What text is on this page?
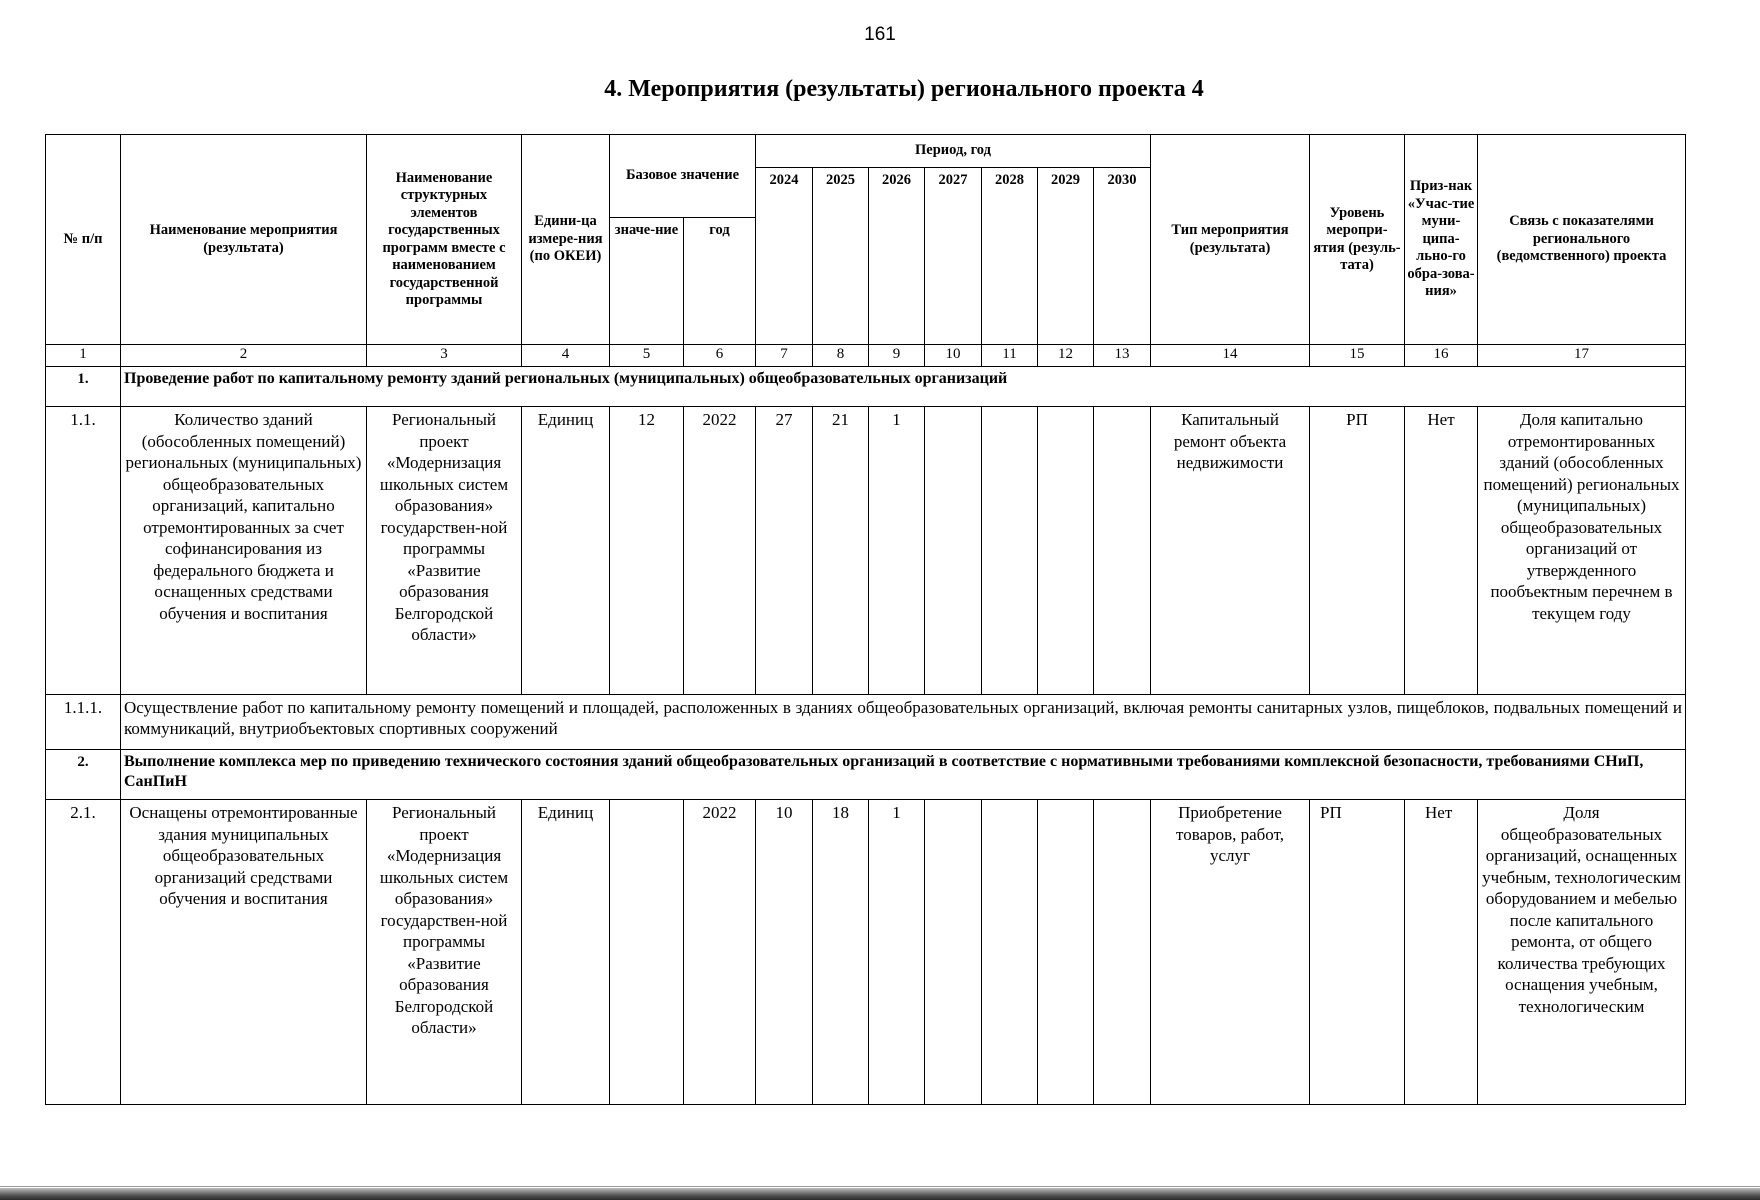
161
4. Мероприятия (результаты) регионального проекта 4
№ п/п	Наименование мероприятия (результата)	Наименование структурных элементов государственных программ вместе с наименованием государственной программы	Едини-ца измере-ния (по ОКЕИ)	Базовое значение		Период, год							Тип мероприятия (результата)	Уровень меропри-ятия (резуль-тата)	Приз-нак «Учас-тие муни-ципа-льно-го обра-зова-ния»	Связь с показателями регионального (ведомственного) проекта
						2024	2025	2026	2027	2028	2029	2030				
				значе-ние	год											
1	2	3	4	5	6	7	8	9	10	11	12	13	14	15	16	17
1.	Проведение работ по капитальному ремонту зданий региональных (муниципальных) общеобразовательных организаций															
1.1.	Количество зданий (обособленных помещений) региональных (муниципальных) общеобразовательных организаций, капитально отремонтированных за счет софинансирования из федерального бюджета и оснащенных средствами обучения и воспитания	Региональный проект «Модернизация школьных систем образования» государствен-ной программы «Развитие образования Белгородской области»	Единиц	12	2022	27	21	1					Капитальный ремонт объекта недвижимости	РП	Нет	Доля капитально отремонтированных зданий (обособленных помещений) региональных (муниципальных) общеобразовательных организаций от утвержденного пообъектным перечнем в текущем году
1.1.1.	Осуществление работ по капитальному ремонту помещений и площадей, расположенных в зданиях общеобразовательных организаций, включая ремонты санитарных узлов, пищеблоков, подвальных помещений и коммуникаций, внутриобъектовых спортивных сооружений															
2.	Выполнение комплекса мер по приведению технического состояния зданий общеобразовательных организаций в соответствие с нормативными требованиями комплексной безопасности, требованиями СНиП, СанПиН															
2.1.	Оснащены отремонтированные здания муниципальных общеобразовательных организаций средствами обучения и воспитания	Региональный проект «Модернизация школьных систем образования» государствен-ной программы «Развитие образования Белгородской области»	Единиц		2022	10	18	1					Приобретение товаров, работ, услуг	РП	Нет	Доля общеобразовательных организаций, оснащенных учебным, технологическим оборудованием и мебелью после капитального ремонта, от общего количества требующих оснащения учебным, технологическим
